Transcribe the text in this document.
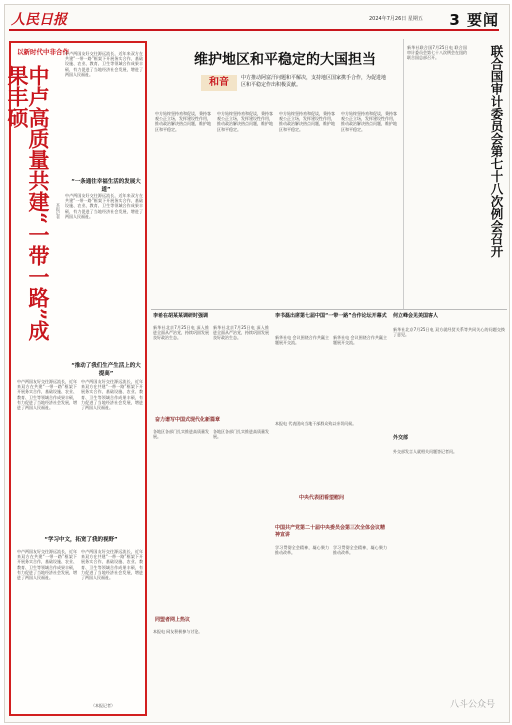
人民日报	2024年7月26日 星期五 3 要闻
以新时代中非合作
中卢高质量共建“一带一路”成果丰硕
本报记者
中卢两国友好交往源远流长，近年来双方在共建“一带一路”框架下开展务实合作，基础设施、农业、教育、卫生等领域合作成果丰硕，有力促进了当地经济社会发展，增进了两国人民福祉。
“一条通往幸福生活的发展大道”
中卢两国友好交往源远流长，近年来双方在共建“一带一路”框架下开展务实合作，基础设施、农业、教育、卫生等领域合作成果丰硕，有力促进了当地经济社会发展，增进了两国人民福祉。
“推动了我们生产生活上的大提高”
中卢两国友好交往源远流长，近年来双方在共建“一带一路”框架下开展务实合作，基础设施、农业、教育、卫生等领域合作成果丰硕，有力促进了当地经济社会发展，增进了两国人民福祉。
中卢两国友好交往源远流长，近年来双方在共建“一带一路”框架下开展务实合作，基础设施、农业、教育、卫生等领域合作成果丰硕，有力促进了当地经济社会发展，增进了两国人民福祉。
“学习中文，拓宽了我的视野”
中卢两国友好交往源远流长，近年来双方在共建“一带一路”框架下开展务实合作，基础设施、农业、教育、卫生等领域合作成果丰硕，有力促进了当地经济社会发展，增进了两国人民福祉。
中卢两国友好交往源远流长，近年来双方在共建“一带一路”框架下开展务实合作，基础设施、农业、教育、卫生等领域合作成果丰硕，有力促进了当地经济社会发展，增进了两国人民福祉。
（本报记者）
维护地区和平稳定的大国担当
和音	中方推动阿富汗问题和平解决，支持地区国家携手合作，为促进地区和平稳定作出积极贡献。
中方始终坚持劝和促谈，秉持客观公正立场，发挥建设性作用，推动政治解决热点问题，维护地区和平稳定。
中方始终坚持劝和促谈，秉持客观公正立场，发挥建设性作用，推动政治解决热点问题，维护地区和平稳定。
中方始终坚持劝和促谈，秉持客观公正立场，发挥建设性作用，推动政治解决热点问题，维护地区和平稳定。
中方始终坚持劝和促谈，秉持客观公正立场，发挥建设性作用，推动政治解决热点问题，维护地区和平稳定。
新华社联合国7月25日电 联合国审计委员会第七十八次例会在纽约联合国总部召开。	联合国审计委员会第七十八次例会召开
李希在胡某某调研时强调
新华社北京7月25日电 深入推进全面从严治党，持续巩固发展良好政治生态。
新华社北京7月25日电 深入推进全面从严治党，持续巩固发展良好政治生态。
李书磊出席第七届中国“一带一路”合作论坛开幕式
新华社电 会议围绕合作共赢主题展开交流。
新华社电 会议围绕合作共赢主题展开交流。
何立峰会见美国客人
新华社北京7月25日电 双方就经贸关系等共同关心的问题交换了意见。
奋力谱写中国式现代化新篇章
各地区各部门扎实推进高质量发展。
各地区各部门扎实推进高质量发展。
中央代表团看望慰问
本报电 代表团向当地干部群众致以亲切问候。
中国共产党第二十届中央委员会第三次全体会议精神宣讲
学习贯彻全会精神，凝心聚力推动改革。
学习贯彻全会精神，凝心聚力推动改革。
同盟者网上热议
本报电 网友积极参与讨论。
外交部
外交部发言人就相关问题答记者问。
八斗公众号
